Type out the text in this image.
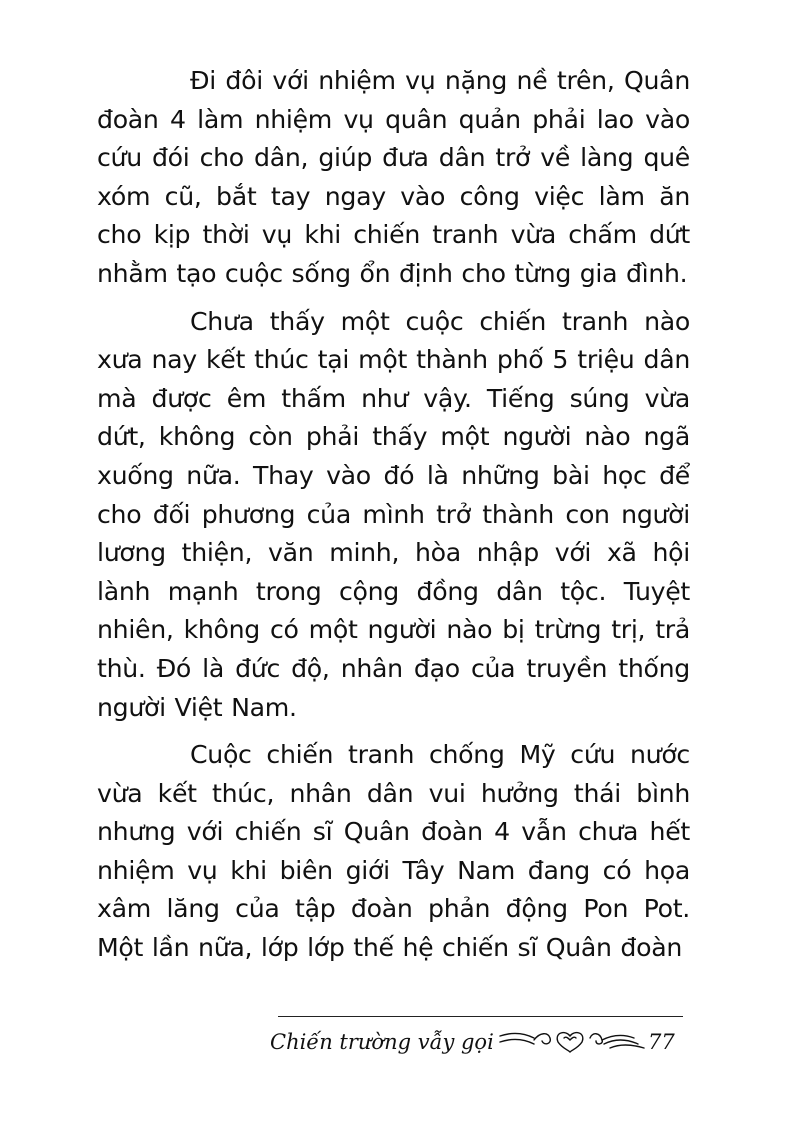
Đi đôi với nhiệm vụ nặng nề trên, Quân đoàn 4 làm nhiệm vụ quân quản phải lao vào cứu đói cho dân, giúp đưa dân trở về làng quê xóm cũ, bắt tay ngay vào công việc làm ăn cho kịp thời vụ khi chiến tranh vừa chấm dứt nhằm tạo cuộc sống ổn định cho từng gia đình.

Chưa thấy một cuộc chiến tranh nào xưa nay kết thúc tại một thành phố 5 triệu dân mà được êm thấm như vậy. Tiếng súng vừa dứt, không còn phải thấy một người nào ngã xuống nữa. Thay vào đó là những bài học để cho đối phương của mình trở thành con người lương thiện, văn minh, hòa nhập với xã hội lành mạnh trong cộng đồng dân tộc. Tuyệt nhiên, không có một người nào bị trừng trị, trả thù. Đó là đức độ, nhân đạo của truyền thống người Việt Nam.

Cuộc chiến tranh chống Mỹ cứu nước vừa kết thúc, nhân dân vui hưởng thái bình nhưng với chiến sĩ Quân đoàn 4 vẫn chưa hết nhiệm vụ khi biên giới Tây Nam đang có họa xâm lăng của tập đoàn phản động Pon Pot. Một lần nữa, lớp lớp thế hệ chiến sĩ Quân đoàn

Chiến trường vẫy gọi	77
